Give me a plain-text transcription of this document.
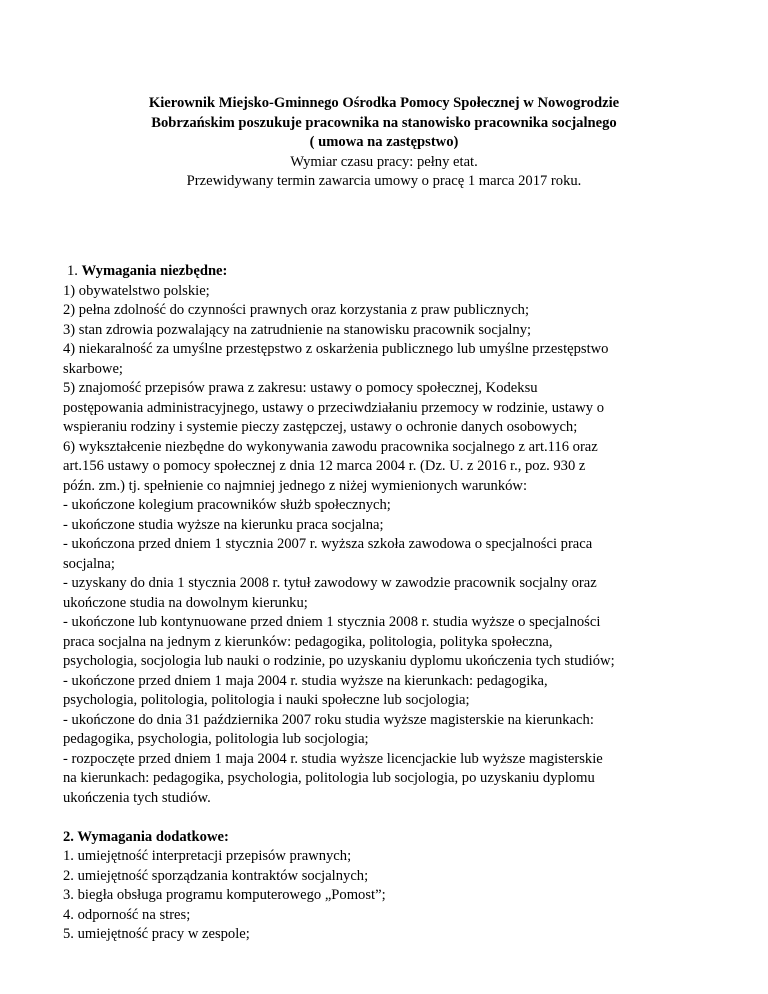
Kierownik Miejsko-Gminnego Ośrodka Pomocy Społecznej w Nowogrodzie
Bobrzańskim poszukuje pracownika na stanowisko pracownika socjalnego
( umowa na zastępstwo)
Wymiar czasu pracy: pełny etat.
Przewidywany termin zawarcia umowy o pracę 1 marca 2017 roku.
1. Wymagania niezbędne:
1) obywatelstwo polskie;
2) pełna zdolność do czynności prawnych oraz korzystania z praw publicznych;
3) stan zdrowia pozwalający na zatrudnienie na stanowisku pracownik socjalny;
4) niekaralność za umyślne przestępstwo z oskarżenia publicznego lub umyślne przestępstwo
skarbowe;
5) znajomość przepisów prawa z zakresu: ustawy o pomocy społecznej, Kodeksu
postępowania administracyjnego, ustawy o przeciwdziałaniu przemocy w rodzinie, ustawy o
wspieraniu rodziny i systemie pieczy zastępczej, ustawy o ochronie danych osobowych;
6) wykształcenie niezbędne do wykonywania zawodu pracownika socjalnego z art.116 oraz
art.156 ustawy o pomocy społecznej z dnia 12 marca 2004 r. (Dz. U. z 2016 r., poz. 930 z
późn. zm.) tj. spełnienie co najmniej jednego z niżej wymienionych warunków:
- ukończone kolegium pracowników służb społecznych;
- ukończone studia wyższe na kierunku praca socjalna;
- ukończona przed dniem 1 stycznia 2007 r. wyższa szkoła zawodowa o specjalności praca
socjalna;
- uzyskany do dnia 1 stycznia 2008 r. tytuł zawodowy w zawodzie pracownik socjalny oraz
ukończone studia na dowolnym kierunku;
- ukończone lub kontynuowane przed dniem 1 stycznia 2008 r. studia wyższe o specjalności
praca socjalna na jednym z kierunków: pedagogika, politologia, polityka społeczna,
psychologia, socjologia lub nauki o rodzinie, po uzyskaniu dyplomu ukończenia tych studiów;
- ukończone przed dniem 1 maja 2004 r. studia wyższe na kierunkach: pedagogika,
psychologia, politologia, politologia i nauki społeczne lub socjologia;
- ukończone do dnia 31 października 2007 roku studia wyższe magisterskie na kierunkach:
pedagogika, psychologia, politologia lub socjologia;
- rozpoczęte przed dniem 1 maja 2004 r. studia wyższe licencjackie lub wyższe magisterskie
na kierunkach: pedagogika, psychologia, politologia lub socjologia, po uzyskaniu dyplomu
ukończenia tych studiów.
2. Wymagania dodatkowe:
1. umiejętność interpretacji przepisów prawnych;
2. umiejętność sporządzania kontraktów socjalnych;
3. biegła obsługa programu komputerowego „Pomost”;
4. odporność na stres;
5. umiejętność pracy w zespole;
